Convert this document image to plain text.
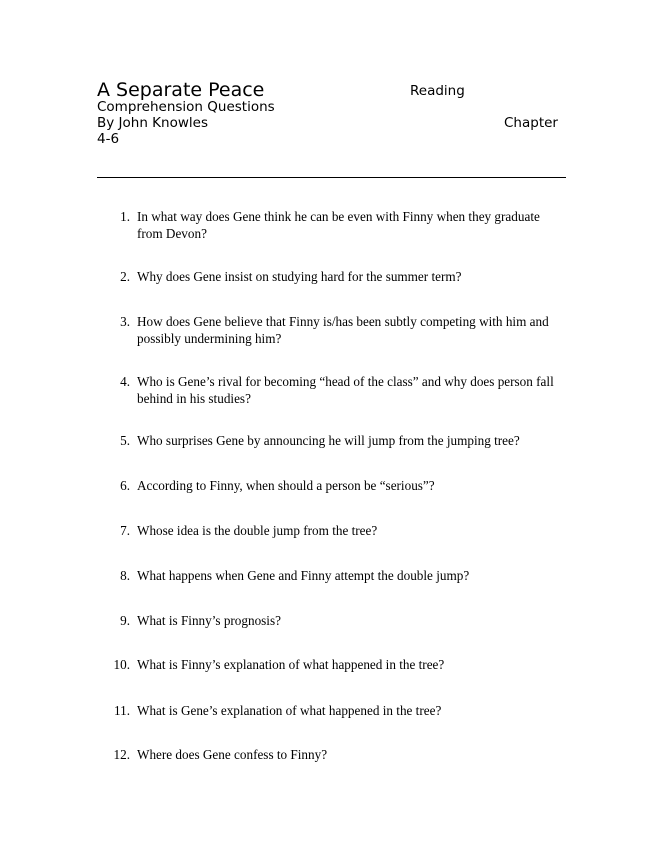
A Separate Peace	Reading
Comprehension Questions
By John Knowles	Chapter
4-6
1. In what way does Gene think he can be even with Finny when they graduate from Devon?
2. Why does Gene insist on studying hard for the summer term?
3. How does Gene believe that Finny is/has been subtly competing with him and possibly undermining him?
4. Who is Gene’s rival for becoming “head of the class” and why does person fall behind in his studies?
5. Who surprises Gene by announcing he will jump from the jumping tree?
6. According to Finny, when should a person be “serious”?
7. Whose idea is the double jump from the tree?
8. What happens when Gene and Finny attempt the double jump?
9. What is Finny’s prognosis?
10. What is Finny’s explanation of what happened in the tree?
11. What is Gene’s explanation of what happened in the tree?
12. Where does Gene confess to Finny?
